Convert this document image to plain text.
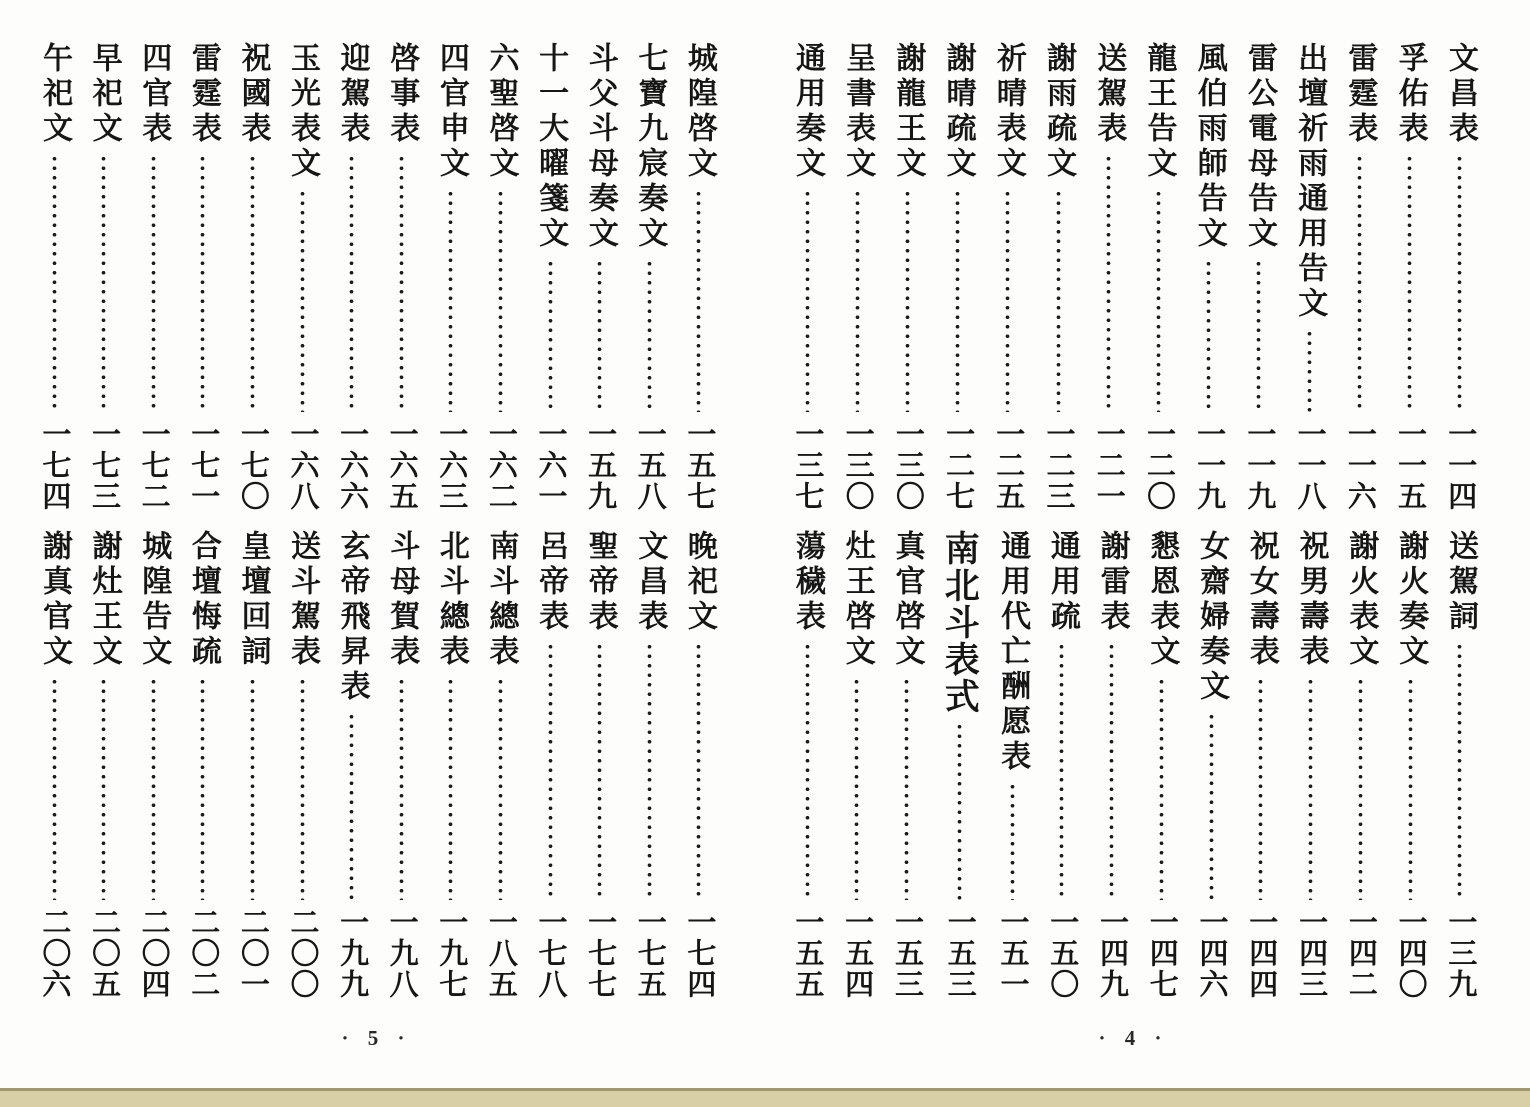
城隍啓文
一五七
七寶九宸奏文
一五八
斗父斗母奏文
一五九
十一大曜箋文
一六一
六聖啓文
一六二
四官申文
一六三
啓事表
一六五
迎駕表
一六六
玉光表文
一六八
祝國表
一七〇
雷霆表
一七一
四官表
一七二
早祀文
一七三
午祀文
一七四
晚祀文
一七四
文昌表
一七五
聖帝表
一七七
呂帝表
一七八
南斗總表
一八五
北斗總表
一九七
斗母賀表
一九八
玄帝飛昇表
一九九
送斗駕表
二〇〇
皇壇回詞
二〇一
合壇悔疏
二〇二
城隍告文
二〇四
謝灶王文
二〇五
謝真官文
二〇六
· 5 ·
文昌表
一一四
孚佑表
一一五
雷霆表
一一六
出壇祈雨通用告文
一一八
雷公電母告文
一一九
風伯雨師告文
一一九
龍王告文
一二〇
送駕表
一二一
謝雨疏文
一二三
祈晴表文
一二五
謝晴疏文
一二七
謝龍王文
一三〇
呈書表文
一三〇
通用奏文
一三七
送駕詞
一三九
謝火奏文
一四〇
謝火表文
一四二
祝男壽表
一四三
祝女壽表
一四四
女齋婦奏文
一四六
懇恩表文
一四七
謝雷表
一四九
通用疏
一五〇
通用代亡酬愿表
一五一
南北斗表式
一五三
真官啓文
一五三
灶王啓文
一五四
蕩穢表
一五五
· 4 ·
